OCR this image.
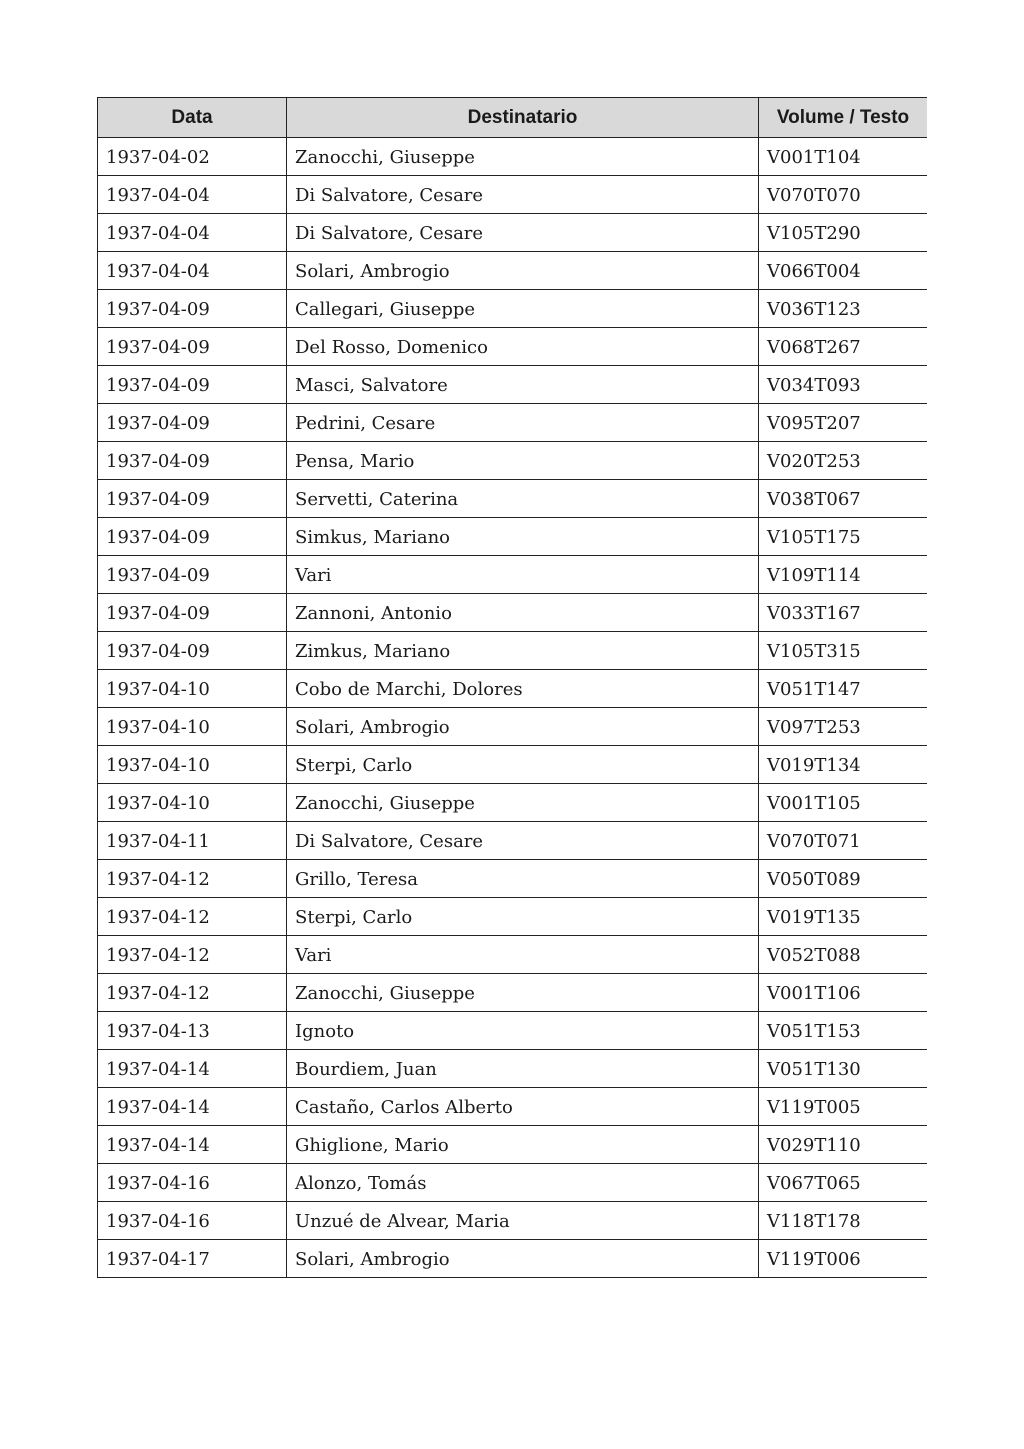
Data	Destinatario	Volume / Testo
1937-04-02	Zanocchi, Giuseppe	V001T104
1937-04-04	Di Salvatore, Cesare	V070T070
1937-04-04	Di Salvatore, Cesare	V105T290
1937-04-04	Solari, Ambrogio	V066T004
1937-04-09	Callegari, Giuseppe	V036T123
1937-04-09	Del Rosso, Domenico	V068T267
1937-04-09	Masci, Salvatore	V034T093
1937-04-09	Pedrini, Cesare	V095T207
1937-04-09	Pensa, Mario	V020T253
1937-04-09	Servetti, Caterina	V038T067
1937-04-09	Simkus, Mariano	V105T175
1937-04-09	Vari	V109T114
1937-04-09	Zannoni, Antonio	V033T167
1937-04-09	Zimkus, Mariano	V105T315
1937-04-10	Cobo de Marchi, Dolores	V051T147
1937-04-10	Solari, Ambrogio	V097T253
1937-04-10	Sterpi, Carlo	V019T134
1937-04-10	Zanocchi, Giuseppe	V001T105
1937-04-11	Di Salvatore, Cesare	V070T071
1937-04-12	Grillo, Teresa	V050T089
1937-04-12	Sterpi, Carlo	V019T135
1937-04-12	Vari	V052T088
1937-04-12	Zanocchi, Giuseppe	V001T106
1937-04-13	Ignoto	V051T153
1937-04-14	Bourdiem, Juan	V051T130
1937-04-14	Castaño, Carlos Alberto	V119T005
1937-04-14	Ghiglione, Mario	V029T110
1937-04-16	Alonzo, Tomás	V067T065
1937-04-16	Unzué de Alvear, Maria	V118T178
1937-04-17	Solari, Ambrogio	V119T006
